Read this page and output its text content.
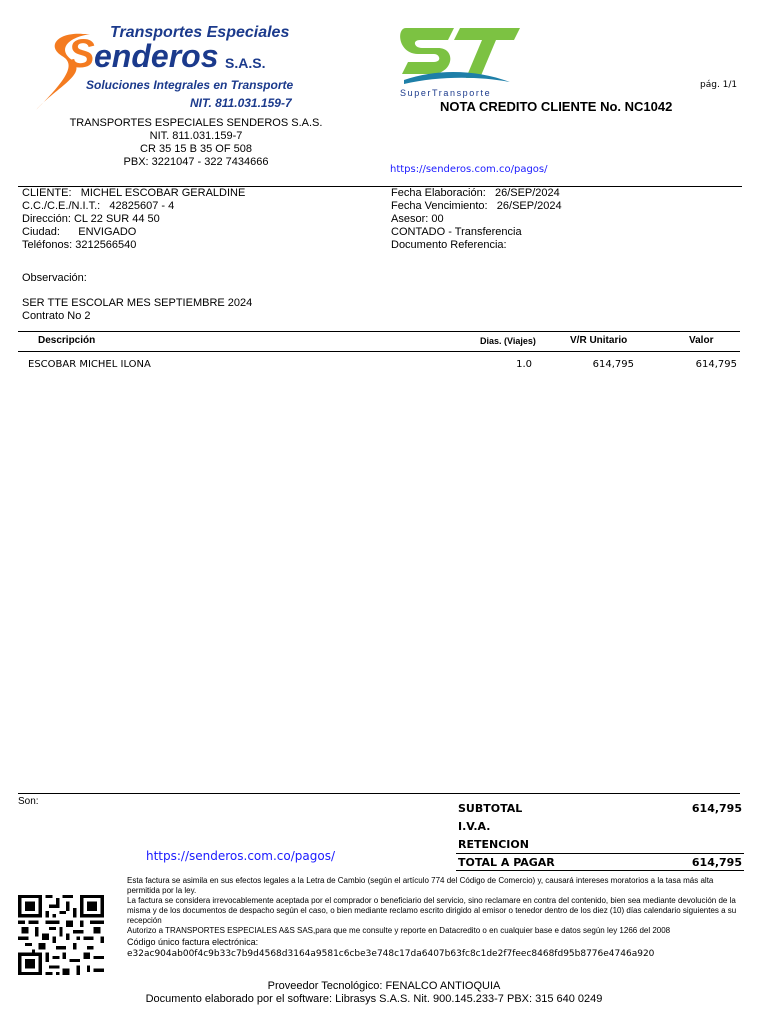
Transportes Especiales
S enderos S.A.S.
Soluciones Integrales en Transporte
NIT. 811.031.159-7
SuperTransporte
pág. 1/1
NOTA CREDITO CLIENTE No. NC1042
TRANSPORTES ESPECIALES SENDEROS S.A.S.
NIT. 811.031.159-7
CR 35 15 B 35 OF 508
PBX: 3221047 - 322 7434666
https://senderos.com.co/pagos/
CLIENTE: MICHEL ESCOBAR GERALDINE
C.C./C.E./N.I.T.: 42825607 - 4
Dirección: CL 22 SUR 44 50
Ciudad: ENVIGADO
Teléfonos: 3212566540
Fecha Elaboración: 26/SEP/2024
Fecha Vencimiento: 26/SEP/2024
Asesor: 00
CONTADO - Transferencia
Documento Referencia:
Observación:
SER TTE ESCOLAR MES SEPTIEMBRE 2024
Contrato No 2
Descripción	Dias. (Viajes)	V/R Unitario	Valor
ESCOBAR MICHEL ILONA	1.0	614,795	614,795
Son:
SUBTOTAL	614,795
I.V.A.
RETENCION
TOTAL A PAGAR	614,795
https://senderos.com.co/pagos/
Esta factura se asimila en sus efectos legales a la Letra de Cambio (según el artículo 774 del Código de Comercio) y, causará intereses moratorios a la tasa más alta permitida por la ley.
La factura se considera irrevocablemente aceptada por el comprador o beneficiario del servicio, sino reclamare en contra del contenido, bien sea mediante devolución de la misma y de los documentos de despacho según el caso, o bien mediante reclamo escrito dirigido al emisor o tenedor dentro de los diez (10) días calendario siguientes a su recepción
Autorizo a TRANSPORTES ESPECIALES A&S SAS,para que me consulte y reporte en Datacredito o en cualquier base e datos según ley 1266 del 2008
Código único factura electrónica:
e32ac904ab00f4c9b33c7b9d4568d3164a9581c6cbe3e748c17da6407b63fc8c1de2f7feec8468fd95b8776e4746a920
Proveedor Tecnológico: FENALCO ANTIOQUIA
Documento elaborado por el software: Librasys S.A.S. Nit. 900.145.233-7 PBX: 315 640 0249
